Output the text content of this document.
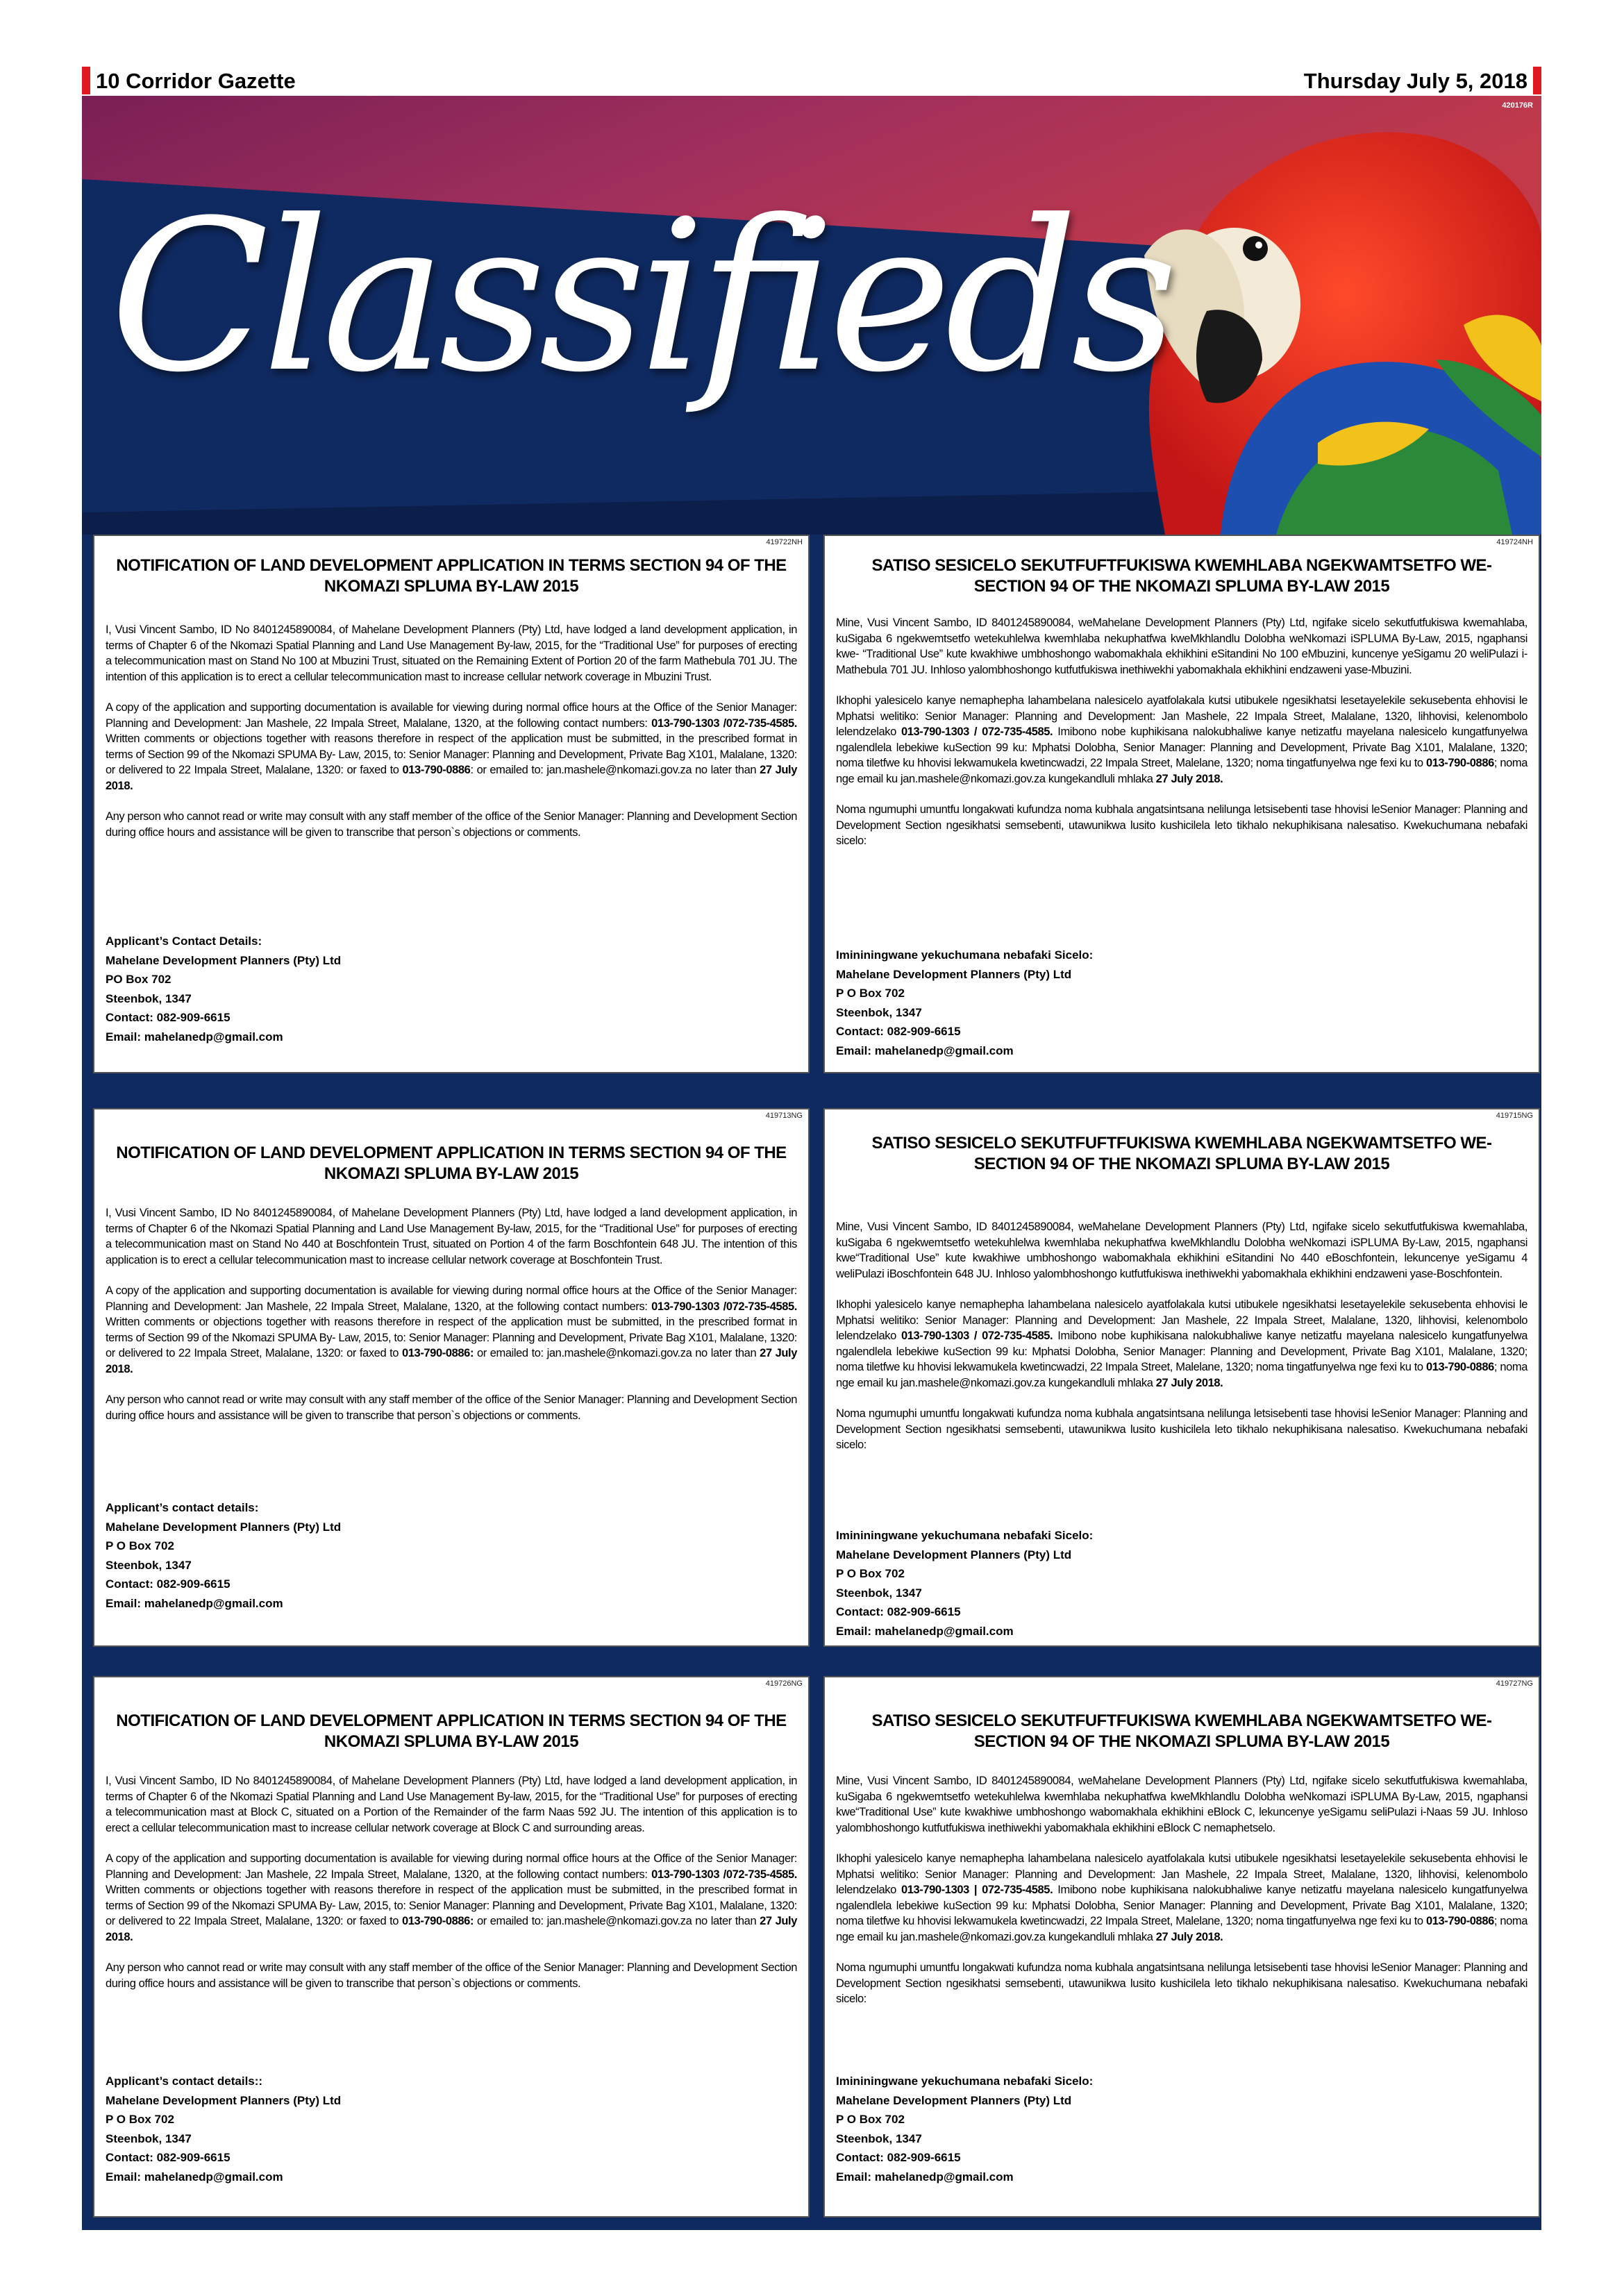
10 Corridor Gazette	Thursday July 5, 2018
Classifieds
420176R
419722NH
NOTIFICATION OF LAND DEVELOPMENT APPLICATION IN TERMS SECTION 94 OF THE NKOMAZI SPLUMA BY-LAW 2015

I, Vusi Vincent Sambo, ID No 8401245890084, of Mahelane Development Planners (Pty) Ltd, have lodged a land development application, in terms of Chapter 6 of the Nkomazi Spatial Planning and Land Use Management By-law, 2015, for the “Traditional Use” for purposes of erecting a telecommunication mast on Stand No 100 at Mbuzini Trust, situated on the Remaining Extent of Portion 20 of the farm Mathebula 701 JU. The intention of this application is to erect a cellular telecommunication mast to increase cellular network coverage in Mbuzini Trust.

A copy of the application and supporting documentation is available for viewing during normal office hours at the Office of the Senior Manager: Planning and Development: Jan Mashele, 22 Impala Street, Malalane, 1320, at the following contact numbers: 013-790-1303 /072-735-4585. Written comments or objections together with reasons therefore in respect of the application must be submitted, in the prescribed format in terms of Section 99 of the Nkomazi SPUMA By- Law, 2015, to: Senior Manager: Planning and Development, Private Bag X101, Malalane, 1320: or delivered to 22 Impala Street, Malalane, 1320: or faxed to 013-790-0886: or emailed to: jan.mashele@nkomazi.gov.za no later than 27 July 2018.

Any person who cannot read or write may consult with any staff member of the office of the Senior Manager: Planning and Development Section during office hours and assistance will be given to transcribe that person`s objections or comments.

Applicant’s Contact Details:
Mahelane Development Planners (Pty) Ltd
PO Box 702
Steenbok, 1347
Contact: 082-909-6615
Email: mahelanedp@gmail.com
419724NH
SATISO SESICELO SEKUTFUFTFUKISWA KWEMHLABA NGEKWAMTSETFO WE-SECTION 94 OF THE NKOMAZI SPLUMA BY-LAW 2015

Mine, Vusi Vincent Sambo, ID 8401245890084, weMahelane Development Planners (Pty) Ltd, ngifake sicelo sekutfutfukiswa kwemahlaba, kuSigaba 6 ngekwemtsetfo wetekuhlelwa kwemhlaba nekuphatfwa kweMkhlandlu Dolobha weNkomazi iSPLUMA By-Law, 2015, ngaphansi kwe- “Traditional Use” kute kwakhiwe umbhoshongo wabomakhala ekhikhini eSitandini No 100 eMbuzini, kuncenye yeSigamu 20 weliPulazi i-Mathebula 701 JU. Inhloso yalombhoshongo kutfutfukiswa inethiwekhi yabomakhala ekhikhini endzaweni yase-Mbuzini.

Ikhophi yalesicelo kanye nemaphepha lahambelana nalesicelo ayatfolakala kutsi utibukele ngesikhatsi lesetayelekile sekusebenta ehhovisi le Mphatsi welitiko: Senior Manager: Planning and Development: Jan Mashele, 22 Impala Street, Malalane, 1320, lihhovisi, kelenombolo lelendzelako 013-790-1303 / 072-735-4585. Imibono nobe kuphikisana nalokubhaliwe kanye netizatfu mayelana nalesicelo kungatfunyelwa ngalendlela lebekiwe kuSection 99 ku: Mphatsi Dolobha, Senior Manager: Planning and Development, Private Bag X101, Malalane, 1320; noma tiletfwe ku hhovisi lekwamukela kwetincwadzi, 22 Impala Street, Malelane, 1320; noma tingatfunyelwa nge fexi ku to 013-790-0886; noma nge email ku jan.mashele@nkomazi.gov.za kungekandluli mhlaka 27 July 2018.

Noma ngumuphi umuntfu longakwati kufundza noma kubhala angatsintsana nelilunga letsisebenti tase hhovisi leSenior Manager: Planning and Development Section ngesikhatsi semsebenti, utawunikwa lusito kushicilela leto tikhalo nekuphikisana nalesatiso. Kwekuchumana nebafaki sicelo:

Imininingwane yekuchumana nebafaki Sicelo:
Mahelane Development Planners (Pty) Ltd
P O Box 702
Steenbok, 1347
Contact: 082-909-6615
Email: mahelanedp@gmail.com
419713NG
NOTIFICATION OF LAND DEVELOPMENT APPLICATION IN TERMS SECTION 94 OF THE NKOMAZI SPLUMA BY-LAW 2015

I, Vusi Vincent Sambo, ID No 8401245890084, of Mahelane Development Planners (Pty) Ltd, have lodged a land development application, in terms of Chapter 6 of the Nkomazi Spatial Planning and Land Use Management By-law, 2015, for the “Traditional Use” for purposes of erecting a telecommunication mast on Stand No 440 at Boschfontein Trust, situated on Portion 4 of the farm Boschfontein 648 JU. The intention of this application is to erect a cellular telecommunication mast to increase cellular network coverage at Boschfontein Trust.

A copy of the application and supporting documentation is available for viewing during normal office hours at the Office of the Senior Manager: Planning and Development: Jan Mashele, 22 Impala Street, Malalane, 1320, at the following contact numbers: 013-790-1303 /072-735-4585. Written comments or objections together with reasons therefore in respect of the application must be submitted, in the prescribed format in terms of Section 99 of the Nkomazi SPUMA By- Law, 2015, to: Senior Manager: Planning and Development, Private Bag X101, Malalane, 1320: or delivered to 22 Impala Street, Malalane, 1320: or faxed to 013-790-0886: or emailed to: jan.mashele@nkomazi.gov.za no later than 27 July 2018.

Any person who cannot read or write may consult with any staff member of the office of the Senior Manager: Planning and Development Section during office hours and assistance will be given to transcribe that person`s objections or comments.

Applicant’s contact details:
Mahelane Development Planners (Pty) Ltd
P O Box 702
Steenbok, 1347
Contact: 082-909-6615
Email: mahelanedp@gmail.com
419715NG
SATISO SESICELO SEKUTFUFTFUKISWA KWEMHLABA NGEKWAMTSETFO WE-SECTION 94 OF THE NKOMAZI SPLUMA BY-LAW 2015

Mine, Vusi Vincent Sambo, ID 8401245890084, weMahelane Development Planners (Pty) Ltd, ngifake sicelo sekutfutfukiswa kwemahlaba, kuSigaba 6 ngekwemtsetfo wetekuhlelwa kwemhlaba nekuphatfwa kweMkhlandlu Dolobha weNkomazi iSPLUMA By-Law, 2015, ngaphansi kwe“Traditional Use” kute kwakhiwe umbhoshongo wabomakhala ekhikhini eSitandini No 440 eBoschfontein, lekuncenye yeSigamu 4 weliPulazi iBoschfontein 648 JU. Inhloso yalombhoshongo kutfutfukiswa inethiwekhi yabomakhala ekhikhini endzaweni yase-Boschfontein.

Ikhophi yalesicelo kanye nemaphepha lahambelana nalesicelo ayatfolakala kutsi utibukele ngesikhatsi lesetayelekile sekusebenta ehhovisi le Mphatsi welitiko: Senior Manager: Planning and Development: Jan Mashele, 22 Impala Street, Malalane, 1320, lihhovisi, kelenombolo lelendzelako 013-790-1303 / 072-735-4585. Imibono nobe kuphikisana nalokubhaliwe kanye netizatfu mayelana nalesicelo kungatfunyelwa ngalendlela lebekiwe kuSection 99 ku: Mphatsi Dolobha, Senior Manager: Planning and Development, Private Bag X101, Malalane, 1320; noma tiletfwe ku hhovisi lekwamukela kwetincwadzi, 22 Impala Street, Malelane, 1320; noma tingatfunyelwa nge fexi ku to 013-790-0886; noma nge email ku jan.mashele@nkomazi.gov.za kungekandluli mhlaka 27 July 2018.

Noma ngumuphi umuntfu longakwati kufundza noma kubhala angatsintsana nelilunga letsisebenti tase hhovisi leSenior Manager: Planning and Development Section ngesikhatsi semsebenti, utawunikwa lusito kushicilela leto tikhalo nekuphikisana nalesatiso. Kwekuchumana nebafaki sicelo:

Imininingwane yekuchumana nebafaki Sicelo:
Mahelane Development Planners (Pty) Ltd
P O Box 702
Steenbok, 1347
Contact: 082-909-6615
Email: mahelanedp@gmail.com
419726NG
NOTIFICATION OF LAND DEVELOPMENT APPLICATION IN TERMS SECTION 94 OF THE NKOMAZI SPLUMA BY-LAW 2015

I, Vusi Vincent Sambo, ID No 8401245890084, of Mahelane Development Planners (Pty) Ltd, have lodged a land development application, in terms of Chapter 6 of the Nkomazi Spatial Planning and Land Use Management By-law, 2015, for the “Traditional Use” for purposes of erecting a telecommunication mast at Block C, situated on a Portion of the Remainder of the farm Naas 592 JU. The intention of this application is to erect a cellular telecommunication mast to increase cellular network coverage at Block C and surrounding areas.

A copy of the application and supporting documentation is available for viewing during normal office hours at the Office of the Senior Manager: Planning and Development: Jan Mashele, 22 Impala Street, Malalane, 1320, at the following contact numbers: 013-790-1303 /072-735-4585. Written comments or objections together with reasons therefore in respect of the application must be submitted, in the prescribed format in terms of Section 99 of the Nkomazi SPUMA By- Law, 2015, to: Senior Manager: Planning and Development, Private Bag X101, Malalane, 1320: or delivered to 22 Impala Street, Malalane, 1320: or faxed to 013-790-0886: or emailed to: jan.mashele@nkomazi.gov.za no later than 27 July 2018.

Any person who cannot read or write may consult with any staff member of the office of the Senior Manager: Planning and Development Section during office hours and assistance will be given to transcribe that person`s objections or comments.

Applicant’s contact details::
Mahelane Development Planners (Pty) Ltd
P O Box 702
Steenbok, 1347
Contact: 082-909-6615
Email: mahelanedp@gmail.com
419727NG
SATISO SESICELO SEKUTFUFTFUKISWA KWEMHLABA NGEKWAMTSETFO WE-SECTION 94 OF THE NKOMAZI SPLUMA BY-LAW 2015

Mine, Vusi Vincent Sambo, ID 8401245890084, weMahelane Development Planners (Pty) Ltd, ngifake sicelo sekutfutfukiswa kwemahlaba, kuSigaba 6 ngekwemtsetfo wetekuhlelwa kwemhlaba nekuphatfwa kweMkhlandlu Dolobha weNkomazi iSPLUMA By-Law, 2015, ngaphansi kwe“Traditional Use” kute kwakhiwe umbhoshongo wabomakhala ekhikhini eBlock C, lekuncenye yeSigamu seliPulazi i-Naas 59 JU. Inhloso yalombhoshongo kutfutfukiswa inethiwekhi yabomakhala ekhikhini eBlock C nemaphetselo.

Ikhophi yalesicelo kanye nemaphepha lahambelana nalesicelo ayatfolakala kutsi utibukele ngesikhatsi lesetayelekile sekusebenta ehhovisi le Mphatsi welitiko: Senior Manager: Planning and Development: Jan Mashele, 22 Impala Street, Malalane, 1320, lihhovisi, kelenombolo lelendzelako 013-790-1303 | 072-735-4585. Imibono nobe kuphikisana nalokubhaliwe kanye netizatfu mayelana nalesicelo kungatfunyelwa ngalendlela lebekiwe kuSection 99 ku: Mphatsi Dolobha, Senior Manager: Planning and Development, Private Bag X101, Malalane, 1320; noma tiletfwe ku hhovisi lekwamukela kwetincwadzi, 22 Impala Street, Malelane, 1320; noma tingatfunyelwa nge fexi ku to 013-790-0886; noma nge email ku jan.mashele@nkomazi.gov.za kungekandluli mhlaka 27 July 2018.

Noma ngumuphi umuntfu longakwati kufundza noma kubhala angatsintsana nelilunga letsisebenti tase hhovisi leSenior Manager: Planning and Development Section ngesikhatsi semsebenti, utawunikwa lusito kushicilela leto tikhalo nekuphikisana nalesatiso. Kwekuchumana nebafaki sicelo:

Imininingwane yekuchumana nebafaki Sicelo:
Mahelane Development Planners (Pty) Ltd
P O Box 702
Steenbok, 1347
Contact: 082-909-6615
Email: mahelanedp@gmail.com
